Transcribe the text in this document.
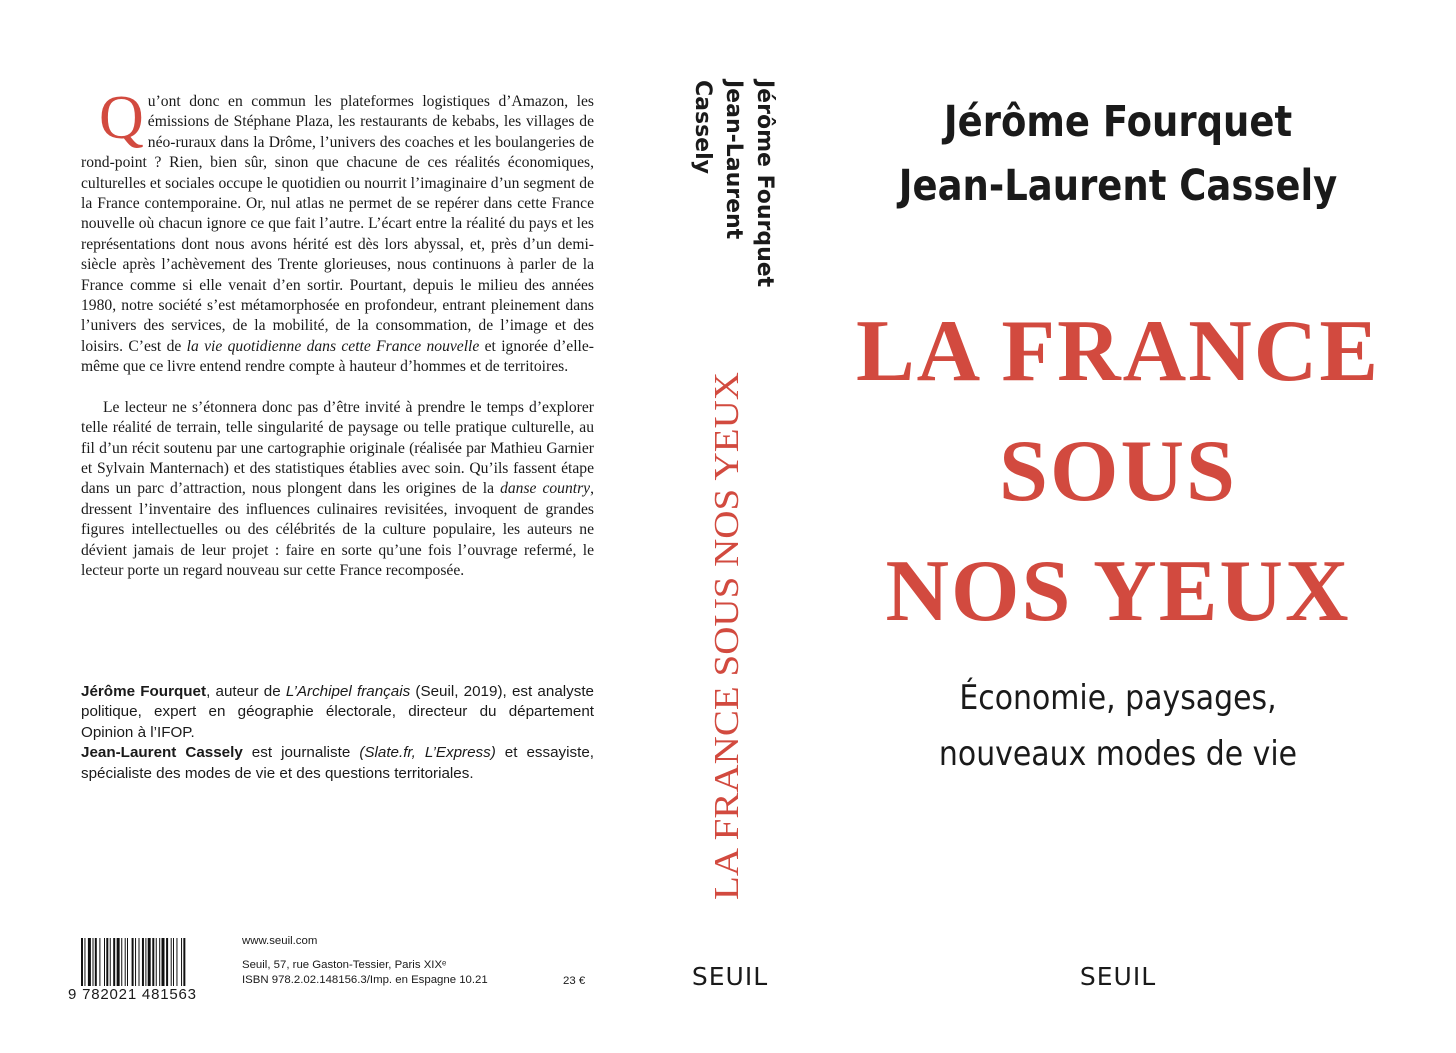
Qu’ont donc en commun les plateformes logistiques d’Amazon, les émissions de Stéphane Plaza, les restaurants de kebabs, les villages de néo-ruraux dans la Drôme, l’univers des coaches et les boulangeries de rond-point ? Rien, bien sûr, sinon que chacune de ces réalités économiques, culturelles et sociales occupe le quotidien ou nourrit l’imaginaire d’un segment de la France contemporaine. Or, nul atlas ne permet de se repérer dans cette France nouvelle où chacun ignore ce que fait l’autre. L’écart entre la réalité du pays et les représentations dont nous avons hérité est dès lors abyssal, et, près d’un demi-siècle après l’achèvement des Trente glorieuses, nous continuons à parler de la France comme si elle venait d’en sortir. Pourtant, depuis le milieu des années 1980, notre société s’est métamorphosée en profondeur, entrant pleinement dans l’univers des services, de la mobilité, de la consommation, de l’image et des loisirs. C’est de la vie quotidienne dans cette France nouvelle et ignorée d’elle-même que ce livre entend rendre compte à hauteur d’hommes et de territoires.

Le lecteur ne s’étonnera donc pas d’être invité à prendre le temps d’explorer telle réalité de terrain, telle singularité de paysage ou telle pratique culturelle, au fil d’un récit soutenu par une cartographie originale (réalisée par Mathieu Garnier et Sylvain Manternach) et des statistiques établies avec soin. Qu’ils fassent étape dans un parc d’attraction, nous plongent dans les origines de la danse country, dressent l’inventaire des influences culinaires revisitées, invoquent de grandes figures intellectuelles ou des célébrités de la culture populaire, les auteurs ne dévient jamais de leur projet : faire en sorte qu’une fois l’ouvrage refermé, le lecteur porte un regard nouveau sur cette France recomposée.

Jérôme Fourquet, auteur de L’Archipel français (Seuil, 2019), est analyste politique, expert en géographie électorale, directeur du département Opinion à l’IFOP.

Jean-Laurent Cassely est journaliste (Slate.fr, L’Express) et essayiste, spécialiste des modes de vie et des questions territoriales.

9 782021 481563
www.seuil.com
Seuil, 57, rue Gaston-Tessier, Paris XIXᵉ
ISBN 978.2.02.148156.3/Imp. en Espagne 10.21	23 €
Jérôme Fourquet
Jean-Laurent Cassely
LA FRANCE SOUS NOS YEUX
SEUIL
Jérôme Fourquet
Jean-Laurent Cassely
LA FRANCE
SOUS
NOS YEUX
Économie, paysages,
nouveaux modes de vie
SEUIL
